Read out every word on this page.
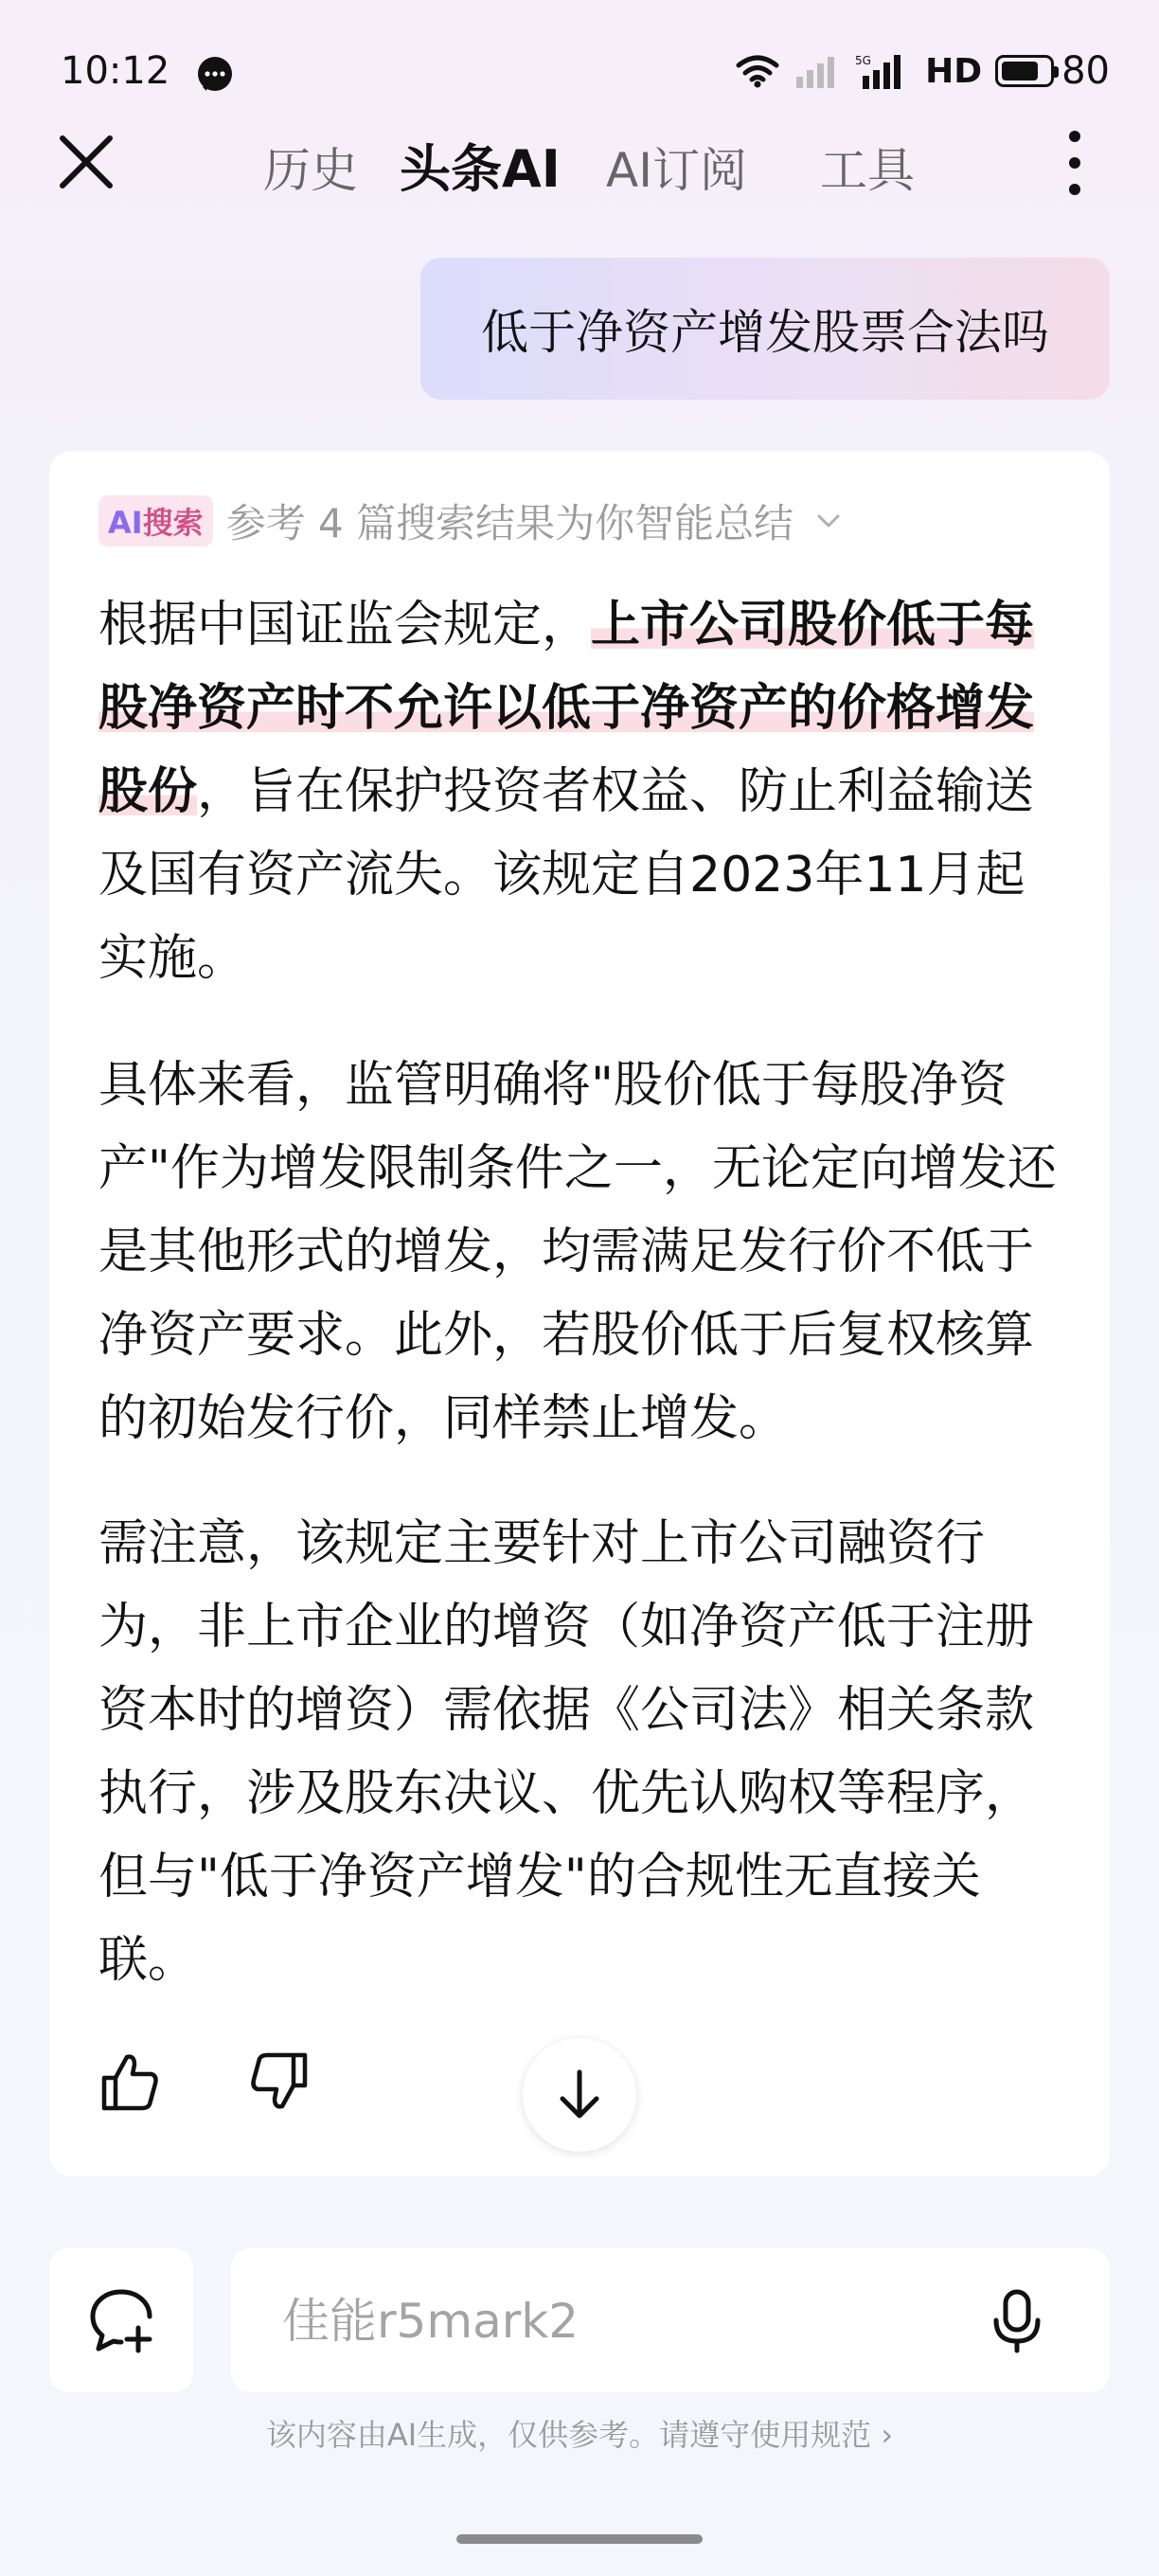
10:12	5G HD 80
历史 头条AI AI订阅 工具
低于净资产增发股票合法吗
AI搜索 参考 4 篇搜索结果为你智能总结

根据中国证监会规定，上市公司股价低于每股净资产时不允许以低于净资产的价格增发股份，旨在保护投资者权益、防止利益输送及国有资产流失。该规定自2023年11月起实施。

具体来看，监管明确将"股价低于每股净资产"作为增发限制条件之一，无论定向增发还是其他形式的增发，均需满足发行价不低于净资产要求。此外，若股价低于后复权核算的初始发行价，同样禁止增发。

需注意，该规定主要针对上市公司融资行为，非上市企业的增资（如净资产低于注册资本时的增资）需依据《公司法》相关条款执行，涉及股东决议、优先认购权等程序，但与"低于净资产增发"的合规性无直接关联。

佳能r5mark2
该内容由AI生成，仅供参考。请遵守使用规范 ›
